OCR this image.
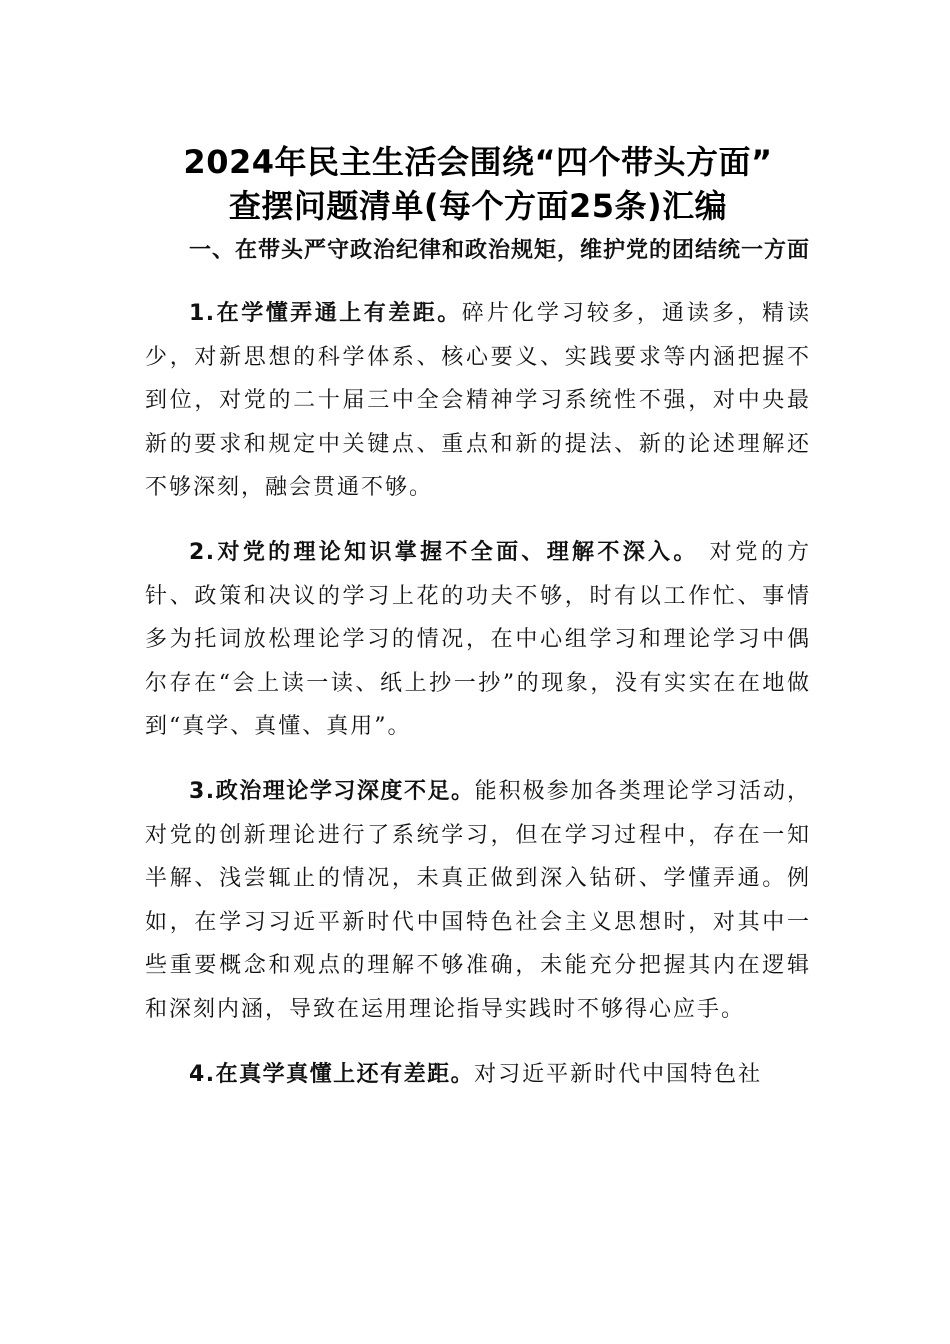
2024年民主生活会围绕“四个带头方面”
查摆问题清单(每个方面25条)汇编
一、在带头严守政治纪律和政治规矩，维护党的团结统一方面

1.在学懂弄通上有差距。碎片化学习较多，通读多，精读少，对新思想的科学体系、核心要义、实践要求等内涵把握不到位，对党的二十届三中全会精神学习系统性不强，对中央最新的要求和规定中关键点、重点和新的提法、新的论述理解还不够深刻，融会贯通不够。

2.对党的理论知识掌握不全面、理解不深入。 对党的方针、政策和决议的学习上花的功夫不够，时有以工作忙、事情多为托词放松理论学习的情况，在中心组学习和理论学习中偶尔存在“会上读一读、纸上抄一抄”的现象，没有实实在在地做到“真学、真懂、真用”。

3.政治理论学习深度不足。能积极参加各类理论学习活动，对党的创新理论进行了系统学习，但在学习过程中，存在一知半解、浅尝辄止的情况，未真正做到深入钻研、学懂弄通。例如，在学习习近平新时代中国特色社会主义思想时，对其中一些重要概念和观点的理解不够准确，未能充分把握其内在逻辑和深刻内涵，导致在运用理论指导实践时不够得心应手。

4.在真学真懂上还有差距。对习近平新时代中国特色社
